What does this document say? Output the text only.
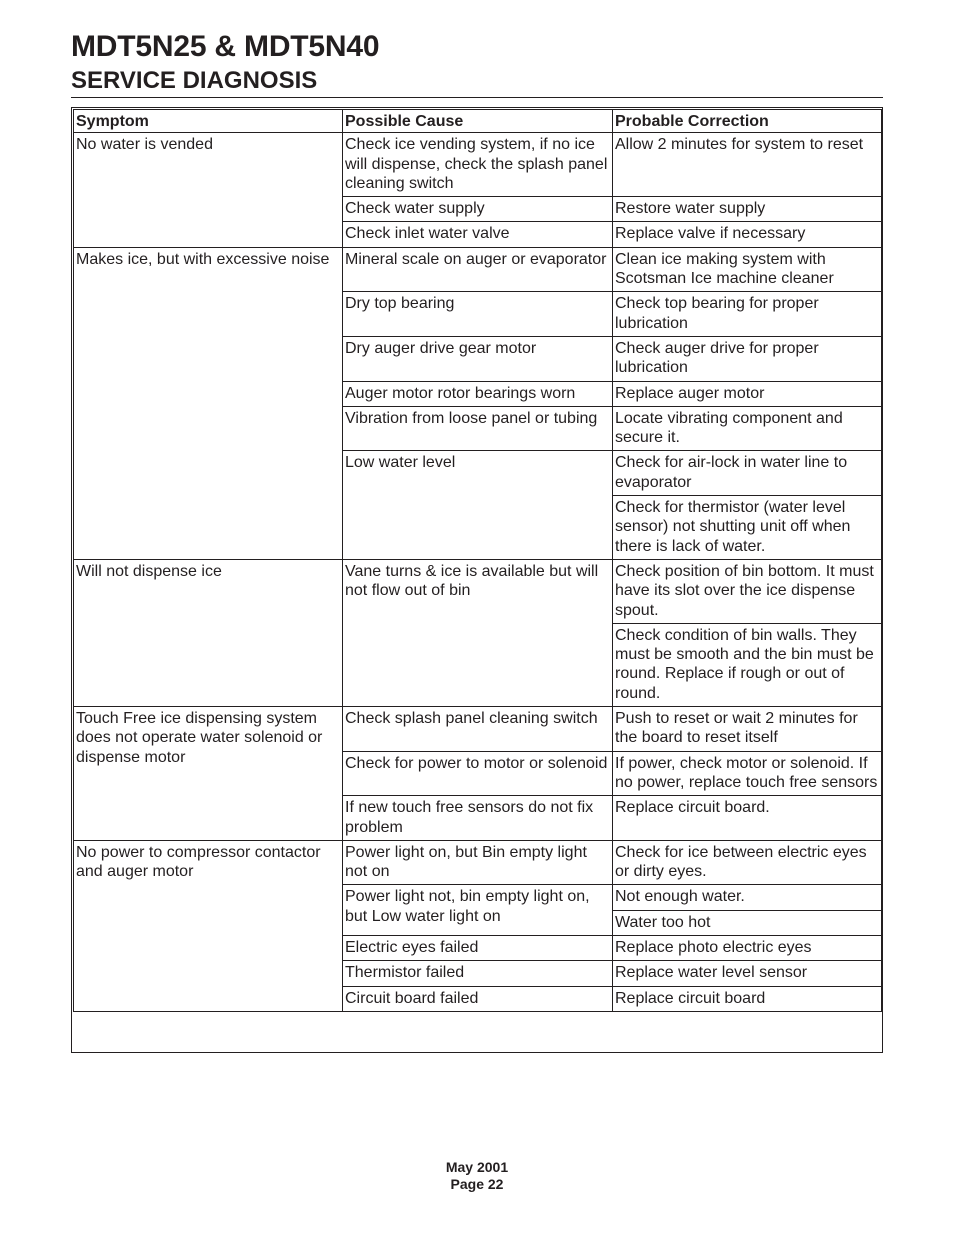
MDT5N25 & MDT5N40
SERVICE DIAGNOSIS
Symptom	Possible Cause	Probable Correction
No water is vended	Check ice vending system, if no ice will dispense, check the splash panel cleaning switch	Allow 2 minutes for system to reset
	Check water supply	Restore water supply
	Check inlet water valve	Replace valve if necessary
Makes ice, but with excessive noise	Mineral scale on auger or evaporator	Clean ice making system with Scotsman Ice machine cleaner
	Dry top bearing	Check top bearing for proper lubrication
	Dry auger drive gear motor	Check auger drive for proper lubrication
	Auger motor rotor bearings worn	Replace auger motor
	Vibration from loose panel or tubing	Locate vibrating component and secure it.
	Low water level	Check for air-lock in water line to evaporator
		Check for thermistor (water level sensor) not shutting unit off when there is lack of water.
Will not dispense ice	Vane turns & ice is available but will not flow out of bin	Check position of bin bottom. It must have its slot over the ice dispense spout.
		Check condition of bin walls. They must be smooth and the bin must be round. Replace if rough or out of round.
Touch Free ice dispensing system does not operate water solenoid or dispense motor	Check splash panel cleaning switch	Push to reset or wait 2 minutes for the board to reset itself
	Check for power to motor or solenoid	If power, check motor or solenoid. If no power, replace touch free sensors
	If new touch free sensors do not fix problem	Replace circuit board.
No power to compressor contactor and auger motor	Power light on, but Bin empty light not on	Check for ice between electric eyes or dirty eyes.
	Power light not, bin empty light on, but Low water light on	Not enough water.
		Water too hot
	Electric eyes failed	Replace photo electric eyes
	Thermistor failed	Replace water level sensor
	Circuit board failed	Replace circuit board
May 2001
Page 22
